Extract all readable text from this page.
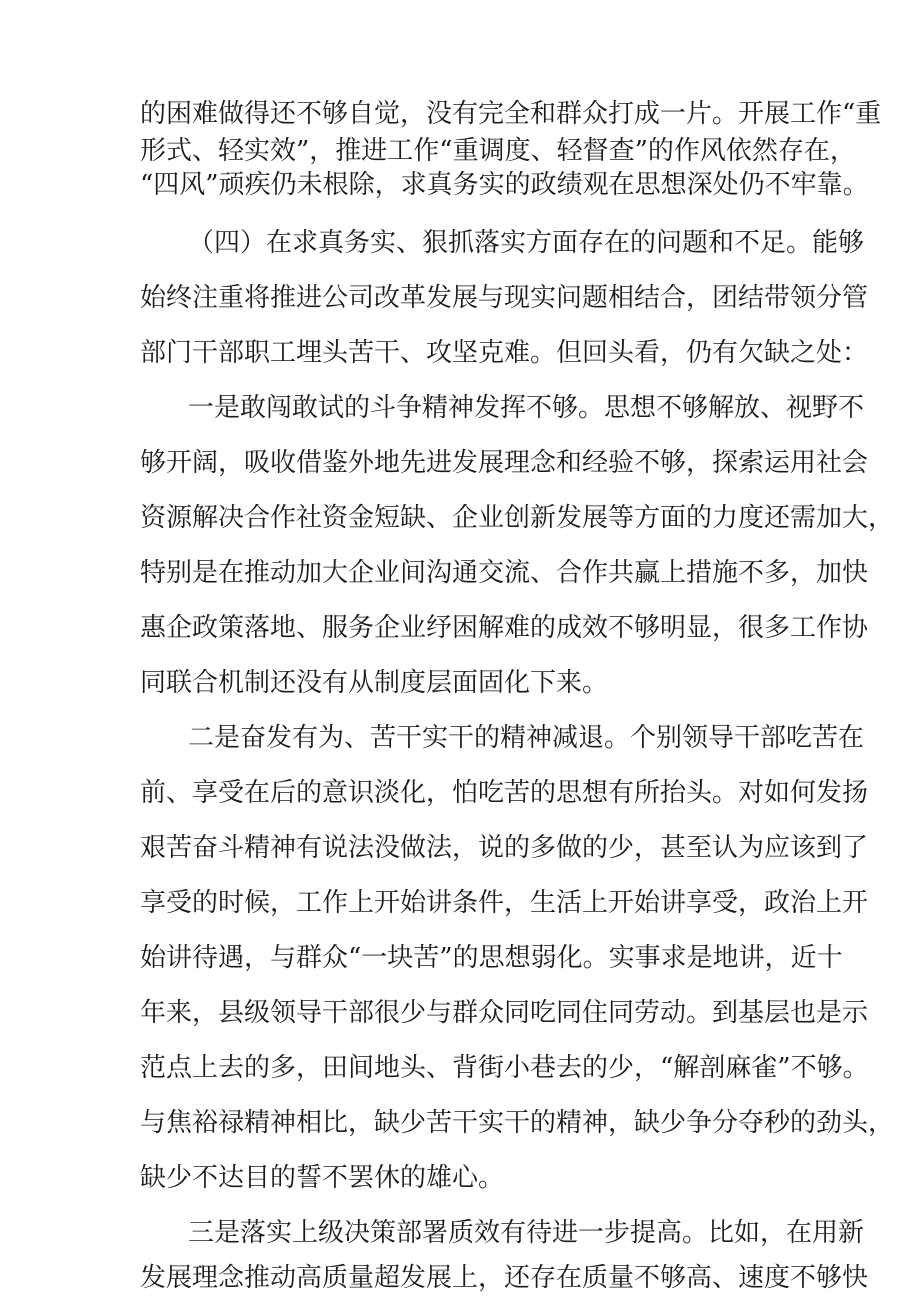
的困难做得还不够自觉，没有完全和群众打成一片。开展工作“重

形式、轻实效”，推进工作“重调度、轻督查”的作风依然存在，

“四风”顽疾仍未根除，求真务实的政绩观在思想深处仍不牢靠。

（四）在求真务实、狠抓落实方面存在的问题和不足。能够

始终注重将推进公司改革发展与现实问题相结合，团结带领分管

部门干部职工埋头苦干、攻坚克难。但回头看，仍有欠缺之处：

一是敢闯敢试的斗争精神发挥不够。思想不够解放、视野不

够开阔，吸收借鉴外地先进发展理念和经验不够，探索运用社会

资源解决合作社资金短缺、企业创新发展等方面的力度还需加大，

特别是在推动加大企业间沟通交流、合作共赢上措施不多，加快

惠企政策落地、服务企业纾困解难的成效不够明显，很多工作协

同联合机制还没有从制度层面固化下来。

二是奋发有为、苦干实干的精神减退。个别领导干部吃苦在

前、享受在后的意识淡化，怕吃苦的思想有所抬头。对如何发扬

艰苦奋斗精神有说法没做法，说的多做的少，甚至认为应该到了

享受的时候，工作上开始讲条件，生活上开始讲享受，政治上开

始讲待遇，与群众“一块苦”的思想弱化。实事求是地讲，近十

年来，县级领导干部很少与群众同吃同住同劳动。到基层也是示

范点上去的多，田间地头、背街小巷去的少，“解剖麻雀”不够。

与焦裕禄精神相比，缺少苦干实干的精神，缺少争分夺秒的劲头，

缺少不达目的誓不罢休的雄心。

三是落实上级决策部署质效有待进一步提高。比如，在用新

发展理念推动高质量超发展上，还存在质量不够高、速度不够快
